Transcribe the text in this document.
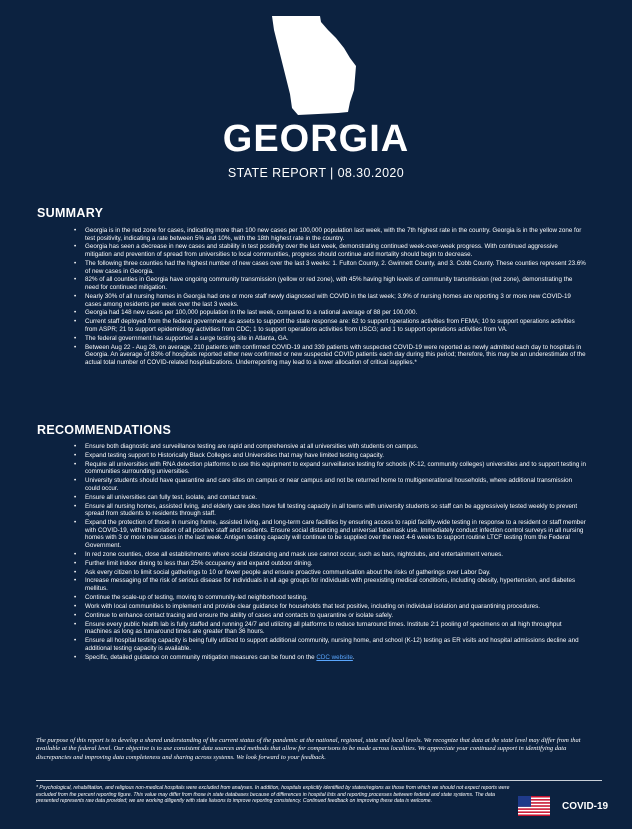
GEORGIA
STATE REPORT | 08.30.2020
SUMMARY
• Georgia is in the red zone for cases, indicating more than 100 new cases per 100,000 population last week, with the 7th highest rate in the country. Georgia is in the yellow zone for test positivity, indicating a rate between 5% and 10%, with the 18th highest rate in the country.
• Georgia has seen a decrease in new cases and stability in test positivity over the last week, demonstrating continued week-over-week progress. With continued aggressive mitigation and prevention of spread from universities to local communities, progress should continue and mortality should begin to decrease.
• The following three counties had the highest number of new cases over the last 3 weeks: 1. Fulton County, 2. Gwinnett County, and 3. Cobb County. These counties represent 23.6% of new cases in Georgia.
• 82% of all counties in Georgia have ongoing community transmission (yellow or red zone), with 45% having high levels of community transmission (red zone), demonstrating the need for continued mitigation.
• Nearly 30% of all nursing homes in Georgia had one or more staff newly diagnosed with COVID in the last week; 3.9% of nursing homes are reporting 3 or more new COVID-19 cases among residents per week over the last 3 weeks.
• Georgia had 148 new cases per 100,000 population in the last week, compared to a national average of 88 per 100,000.
• Current staff deployed from the federal government as assets to support the state response are: 62 to support operations activities from FEMA; 10 to support operations activities from ASPR; 21 to support epidemiology activities from CDC; 1 to support operations activities from USCG; and 1 to support operations activities from VA.
• The federal government has supported a surge testing site in Atlanta, GA.
• Between Aug 22 - Aug 28, on average, 210 patients with confirmed COVID-19 and 339 patients with suspected COVID-19 were reported as newly admitted each day to hospitals in Georgia. An average of 83% of hospitals reported either new confirmed or new suspected COVID patients each day during this period; therefore, this may be an underestimate of the actual total number of COVID-related hospitalizations. Underreporting may lead to a lower allocation of critical supplies.*
RECOMMENDATIONS
• Ensure both diagnostic and surveillance testing are rapid and comprehensive at all universities with students on campus.
• Expand testing support to Historically Black Colleges and Universities that may have limited testing capacity.
• Require all universities with RNA detection platforms to use this equipment to expand surveillance testing for schools (K-12, community colleges) universities and to support testing in communities surrounding universities.
• University students should have quarantine and care sites on campus or near campus and not be returned home to multigenerational households, where additional transmission could occur.
• Ensure all universities can fully test, isolate, and contact trace.
• Ensure all nursing homes, assisted living, and elderly care sites have full testing capacity in all towns with university students so staff can be aggressively tested weekly to prevent spread from students to residents through staff.
• Expand the protection of those in nursing home, assisted living, and long-term care facilities by ensuring access to rapid facility-wide testing in response to a resident or staff member with COVID-19, with the isolation of all positive staff and residents. Ensure social distancing and universal facemask use. Immediately conduct infection control surveys in all nursing homes with 3 or more new cases in the last week. Antigen testing capacity will continue to be supplied over the next 4-6 weeks to support routine LTCF testing from the Federal Government.
• In red zone counties, close all establishments where social distancing and mask use cannot occur, such as bars, nightclubs, and entertainment venues.
• Further limit indoor dining to less than 25% occupancy and expand outdoor dining.
• Ask every citizen to limit social gatherings to 10 or fewer people and ensure proactive communication about the risks of gatherings over Labor Day.
• Increase messaging of the risk of serious disease for individuals in all age groups for individuals with preexisting medical conditions, including obesity, hypertension, and diabetes mellitus.
• Continue the scale-up of testing, moving to community-led neighborhood testing.
• Work with local communities to implement and provide clear guidance for households that test positive, including on individual isolation and quarantining procedures.
• Continue to enhance contact tracing and ensure the ability of cases and contacts to quarantine or isolate safely.
• Ensure every public health lab is fully staffed and running 24/7 and utilizing all platforms to reduce turnaround times. Institute 2:1 pooling of specimens on all high throughput machines as long as turnaround times are greater than 36 hours.
• Ensure all hospital testing capacity is being fully utilized to support additional community, nursing home, and school (K-12) testing as ER visits and hospital admissions decline and additional testing capacity is available.
• Specific, detailed guidance on community mitigation measures can be found on the CDC website.

The purpose of this report is to develop a shared understanding of the current status of the pandemic at the national, regional, state and local levels. We recognize that data at the state level may differ from that available at the federal level. Our objective is to use consistent data sources and methods that allow for comparisons to be made across localities. We appreciate your continued support in identifying data discrepancies and improving data completeness and sharing across systems. We look forward to your feedback.

* Psychological, rehabilitation, and religious non-medical hospitals were excluded from analyses. In addition, hospitals explicitly identified by states/regions as those from which we should not expect reports were excluded from the percent reporting figure. This value may differ from those in state databases because of differences in hospital lists and reporting processes between federal and state systems. The data presented represents raw data provided; we are working diligently with state liaisons to improve reporting consistency. Continued feedback on improving these data is welcome.	COVID-19
